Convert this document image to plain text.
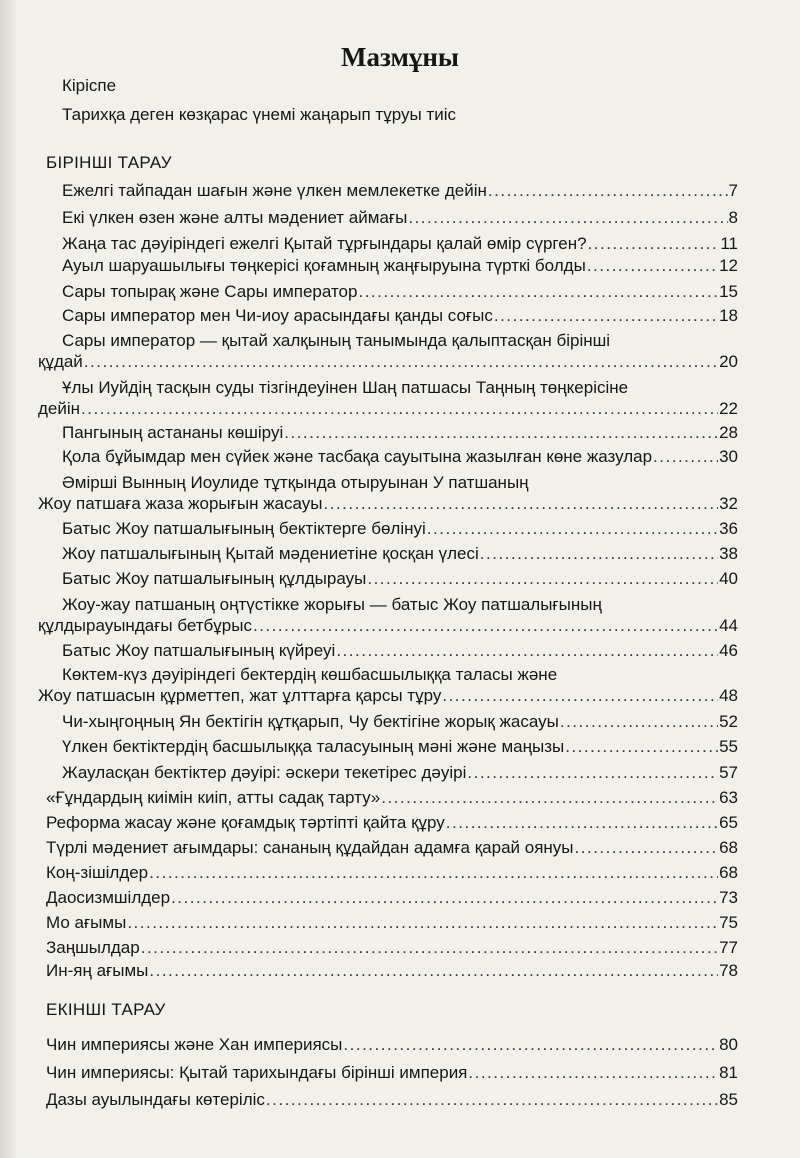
Мазмұны
Кіріспе
Тарихқа деген көзқарас үнемі жаңарып тұруы тиіс
БІРІНШІ ТАРАУ
Ежелгі тайпадан шағын және үлкен мемлекетке дейін .....	7
Екі үлкен өзен және алты мәдениет аймағы .....	8
Жаңа тас дәуіріндегі ежелгі Қытай тұрғындары қалай өмір сүрген? .....	11
Ауыл шаруашылығы төңкерісі қоғамның жаңғыруына түрткі болды .....	12
Сары топырақ және Сары император .....	15
Сары император мен Чи-иоу арасындағы қанды соғыс .....	18
Сары император — қытай халқының танымында қалыптасқан бірінші
құдай .....	20
Ұлы Иуйдің тасқын суды тізгіндеуінен Шаң патшасы Таңның төңкерісіне
дейін .....	22
Пангының астананы көшіруі .....	28
Қола бұйымдар мен сүйек және тасбақа сауытына жазылған көне жазулар .....	30
Әмірші Вынның Иоулиде тұтқында отыруынан У патшаның
Жоу патшаға жаза жорығын жасауы .....	32
Батыс Жоу патшалығының бектіктерге бөлінуі .....	36
Жоу патшалығының Қытай мәдениетіне қосқан үлесі .....	38
Батыс Жоу патшалығының құлдырауы .....	40
Жоу-жау патшаның оңтүстікке жорығы — батыс Жоу патшалығының
құлдырауындағы бетбұрыс .....	44
Батыс Жоу патшалығының күйреуі .....	46
Көктем-күз дәуіріндегі бектердің көшбасшылыққа таласы және
Жоу патшасын құрметтеп, жат ұлттарға қарсы тұру .....	48
Чи-хыңгоңның Ян бектігін құтқарып, Чу бектігіне жорық жасауы .....	52
Үлкен бектіктердің басшылыққа таласуының мәні және маңызы .....	55
Жауласқан бектіктер дәуірі: әскери текетірес дәуірі .....	57
«Ғұндардың киімін киіп, атты садақ тарту» .....	63
Реформа жасау және қоғамдық тәртіпті қайта құру .....	65
Түрлі мәдениет ағымдары: сананың құдайдан адамға қарай оянуы .....	68
Коң-зішілдер .....	68
Даосизмшілдер .....	73
Мо ағымы .....	75
Заңшылдар .....	77
Ин-яң ағымы .....	78
ЕКІНШІ ТАРАУ
Чин империясы және Хан империясы .....	80
Чин империясы: Қытай тарихындағы бірінші империя .....	81
Дазы ауылындағы көтеріліс .....	85
